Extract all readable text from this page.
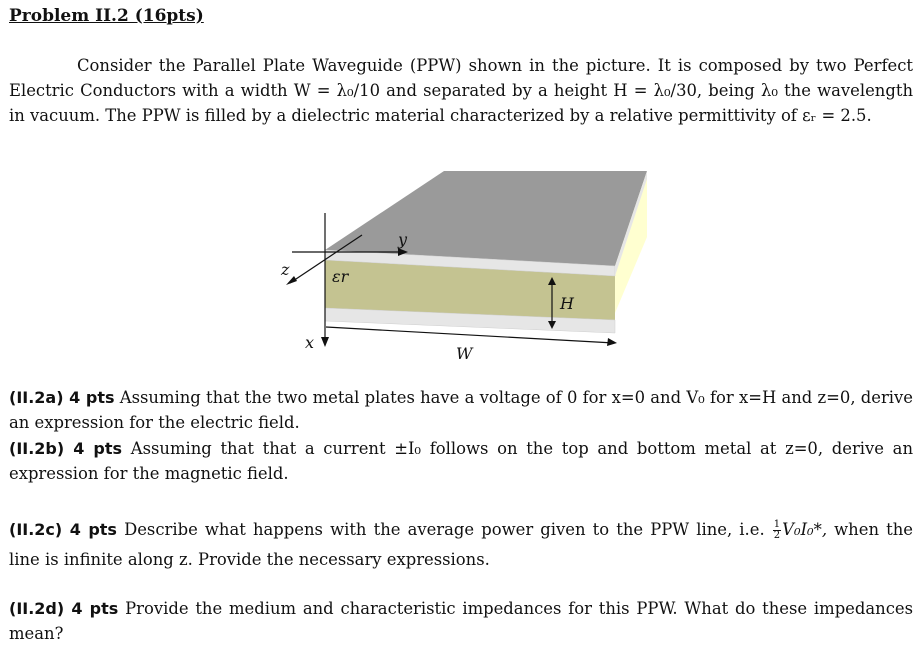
Problem II.2 (16pts)

Consider the Parallel Plate Waveguide (PPW) shown in the picture. It is composed by two Perfect Electric Conductors with a width W = λ₀/10 and separated by a height H = λ₀/30, being λ₀ the wavelength in vacuum. The PPW is filled by a dielectric material characterized by a relative permittivity of εᵣ = 2.5.

y
z
x
εr
H
W

(II.2a) 4 pts Assuming that the two metal plates have a voltage of 0 for x=0 and V₀ for x=H and z=0, derive an expression for the electric field.

(II.2b) 4 pts Assuming that that a current ±I₀ follows on the top and bottom metal at z=0, derive an expression for the magnetic field.

(II.2c) 4 pts Describe what happens with the average power given to the PPW line, i.e. $\frac{1}{2} V_0I_0*$, when the line is infinite along z. Provide the necessary expressions.

(II.2d) 4 pts Provide the medium and characteristic impedances for this PPW. What do these impedances mean?
